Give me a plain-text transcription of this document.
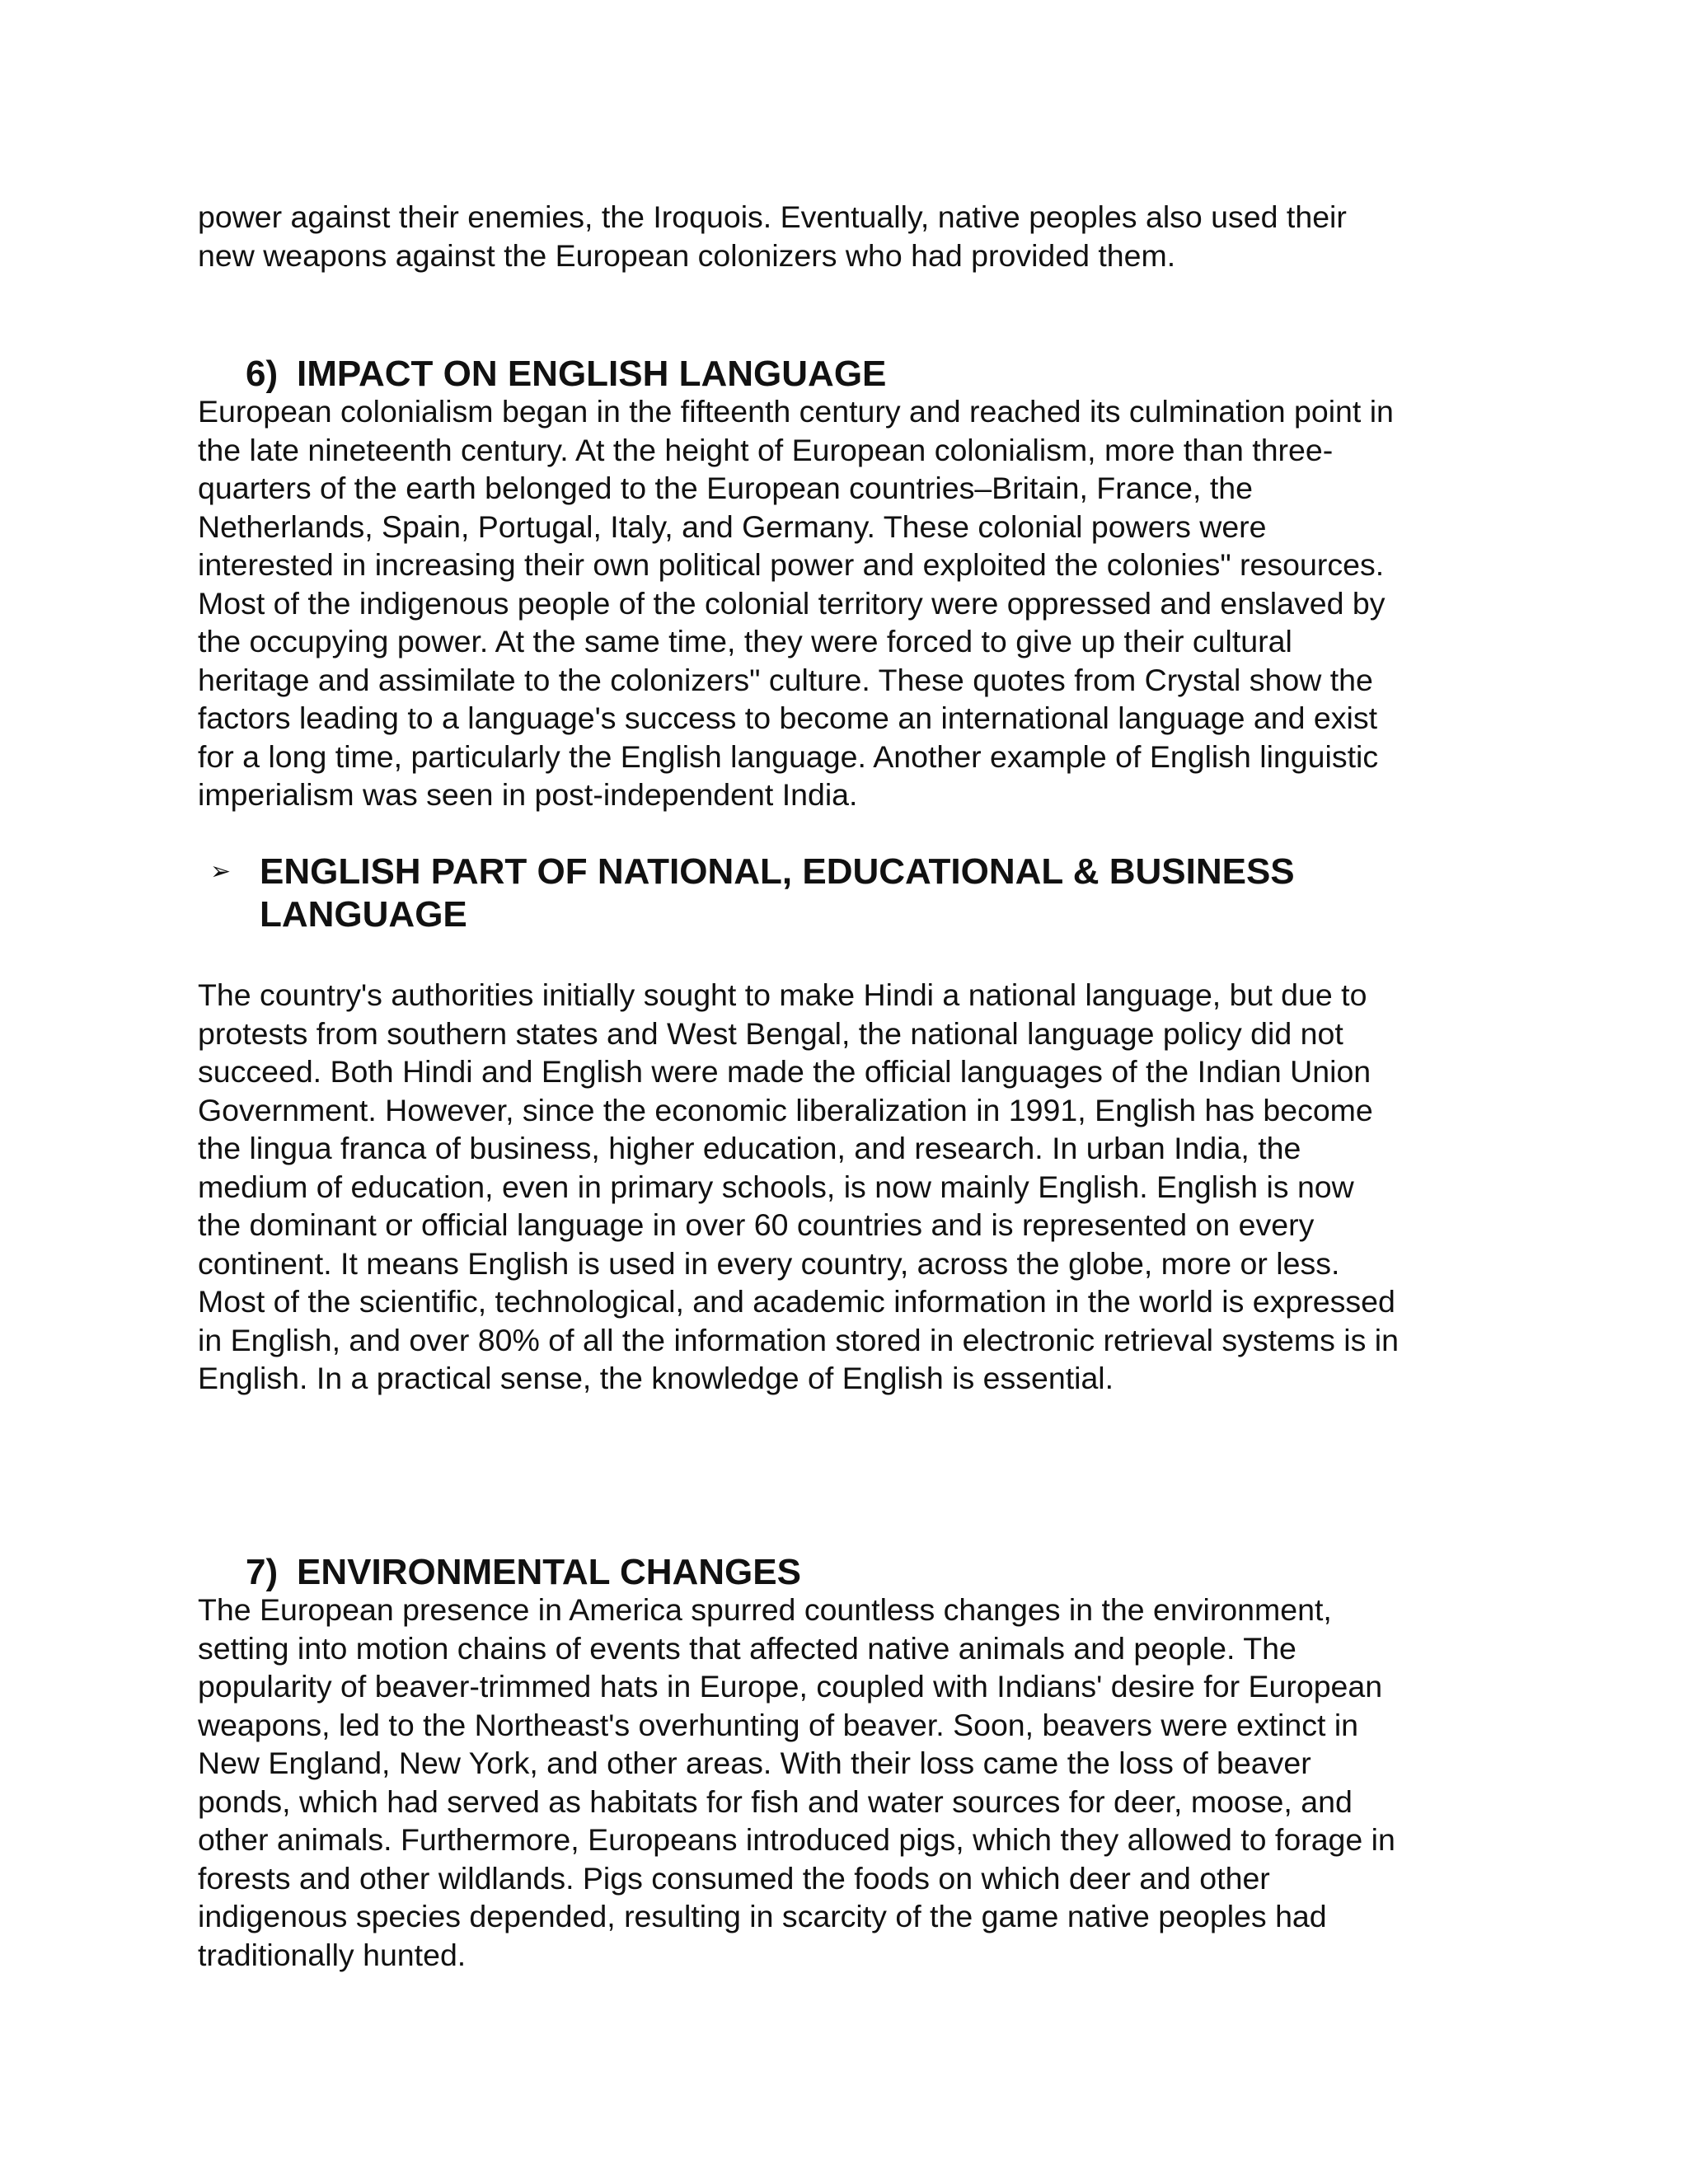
power against their enemies, the Iroquois. Eventually, native peoples also used their
new weapons against the European colonizers who had provided them.

6) IMPACT ON ENGLISH LANGUAGE

European colonialism began in the fifteenth century and reached its culmination point in
the late nineteenth century. At the height of European colonialism, more than three-
quarters of the earth belonged to the European countries–Britain, France, the
Netherlands, Spain, Portugal, Italy, and Germany. These colonial powers were
interested in increasing their own political power and exploited the colonies" resources.
Most of the indigenous people of the colonial territory were oppressed and enslaved by
the occupying power. At the same time, they were forced to give up their cultural
heritage and assimilate to the colonizers" culture. These quotes from Crystal show the
factors leading to a language's success to become an international language and exist
for a long time, particularly the English language. Another example of English linguistic
imperialism was seen in post-independent India.

➢ ENGLISH PART OF NATIONAL, EDUCATIONAL & BUSINESS
LANGUAGE

The country's authorities initially sought to make Hindi a national language, but due to
protests from southern states and West Bengal, the national language policy did not
succeed. Both Hindi and English were made the official languages of the Indian Union
Government. However, since the economic liberalization in 1991, English has become
the lingua franca of business, higher education, and research. In urban India, the
medium of education, even in primary schools, is now mainly English. English is now
the dominant or official language in over 60 countries and is represented on every
continent. It means English is used in every country, across the globe, more or less.
Most of the scientific, technological, and academic information in the world is expressed
in English, and over 80% of all the information stored in electronic retrieval systems is in
English. In a practical sense, the knowledge of English is essential.

7) ENVIRONMENTAL CHANGES

The European presence in America spurred countless changes in the environment,
setting into motion chains of events that affected native animals and people. The
popularity of beaver-trimmed hats in Europe, coupled with Indians' desire for European
weapons, led to the Northeast's overhunting of beaver. Soon, beavers were extinct in
New England, New York, and other areas. With their loss came the loss of beaver
ponds, which had served as habitats for fish and water sources for deer, moose, and
other animals. Furthermore, Europeans introduced pigs, which they allowed to forage in
forests and other wildlands. Pigs consumed the foods on which deer and other
indigenous species depended, resulting in scarcity of the game native peoples had
traditionally hunted.
